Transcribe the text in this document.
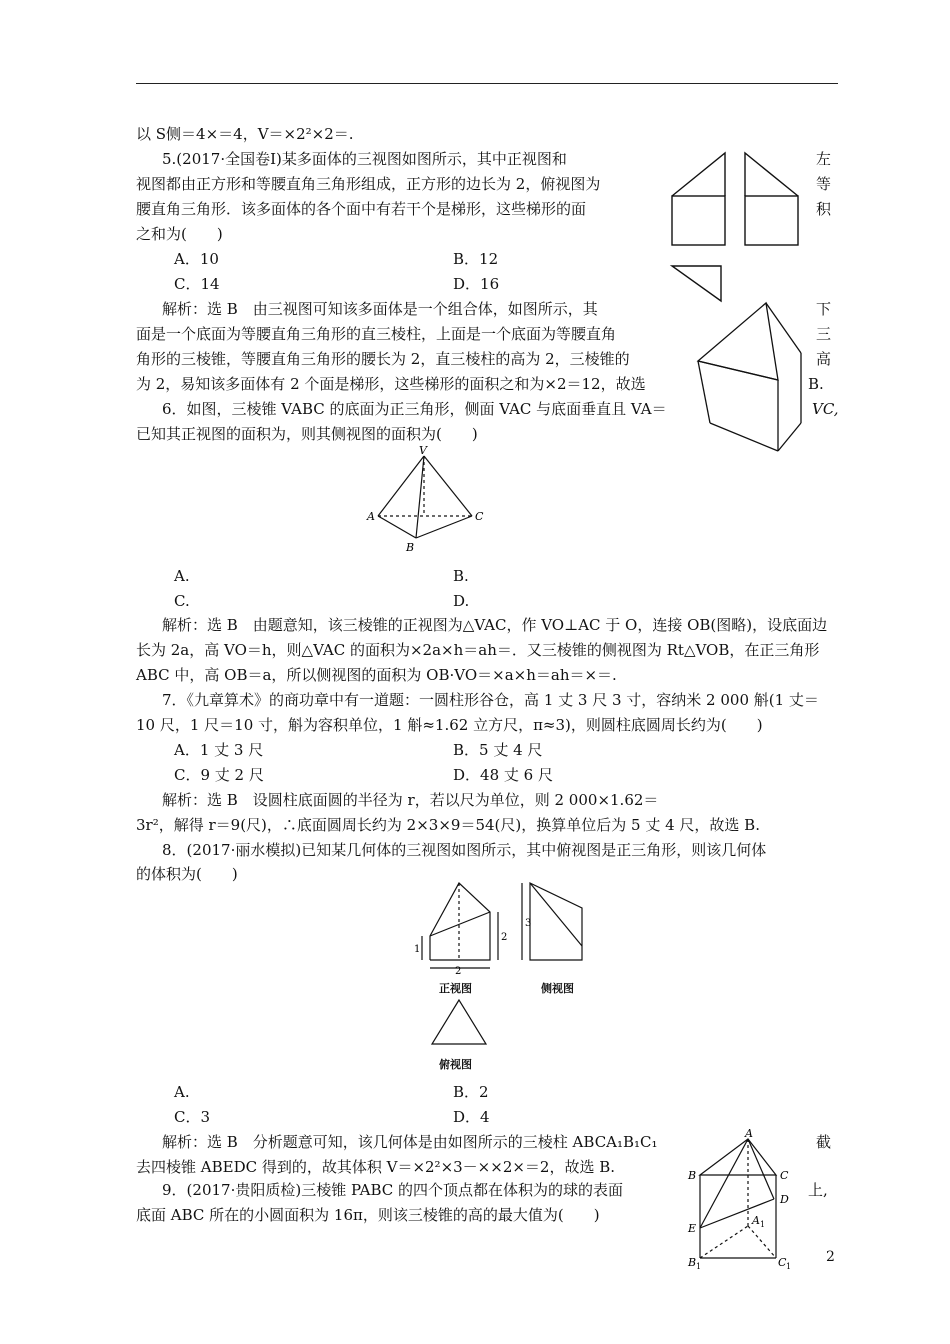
以 S侧＝4×＝4，V＝×2²×2＝.
5.(2017·全国卷Ⅰ)某多面体的三视图如图所示，其中正视图和	左
视图都由正方形和等腰直角三角形组成，正方形的边长为 2，俯视图为	等
腰直角三角形．该多面体的各个面中有若干个是梯形，这些梯形的面	积
之和为(　　)
A．10	B．12
C．14	D．16
解析：选 B　由三视图可知该多面体是一个组合体，如图所示，其	下
面是一个底面为等腰直角三角形的直三棱柱，上面是一个底面为等腰直角	三
角形的三棱锥，等腰直角三角形的腰长为 2，直三棱柱的高为 2，三棱锥的	高
为 2，易知该多面体有 2 个面是梯形，这些梯形的面积之和为×2＝12，故选	B.
6．如图，三棱锥 VABC 的底面为正三角形，侧面 VAC 与底面垂直且 VA＝	VC,
已知其正视图的面积为，则其侧视图的面积为(　　)
A.	B.
C.	D.
解析：选 B　由题意知，该三棱锥的正视图为△VAC，作 VO⊥AC 于 O，连接 OB(图略)，设底面边
长为 2a，高 VO＝h，则△VAC 的面积为×2a×h＝ah＝．又三棱锥的侧视图为 Rt△VOB，在正三角形
ABC 中，高 OB＝a，所以侧视图的面积为 OB·VO＝×a×h＝ah＝×＝.
7．《九章算术》的商功章中有一道题：一圆柱形谷仓，高 1 丈 3 尺 3 寸，容纳米 2 000 斛(1 丈＝
10 尺，1 尺＝10 寸，斛为容积单位，1 斛≈1.62 立方尺，π≈3)，则圆柱底圆周长约为(　　)
A．1 丈 3 尺	B．5 丈 4 尺
C．9 丈 2 尺	D．48 丈 6 尺
解析：选 B　设圆柱底面圆的半径为 r，若以尺为单位，则 2 000×1.62＝
3r²，解得 r＝9(尺)，∴底面圆周长约为 2×3×9＝54(尺)，换算单位后为 5 丈 4 尺，故选 B.
8．(2017·丽水模拟)已知某几何体的三视图如图所示，其中俯视图是正三角形，则该几何体
的体积为(　　)
A.	B．2
C．3	D．4
解析：选 B　分析题意可知，该几何体是由如图所示的三棱柱 ABCA₁B₁C₁	截
去四棱锥 ABEDC 得到的，故其体积 V＝×2²×3－××2×＝2，故选 B.
9．(2017·贵阳质检)三棱锥 PABC 的四个顶点都在体积为的球的表面	上,
底面 ABC 所在的小圆面积为 16π，则该三棱锥的高的最大值为(　　)
2
V
A	C
B
2
2
1
3
正视图	侧视图
俯视图
A
B	C
D
E
A 1
B 1	C 1
